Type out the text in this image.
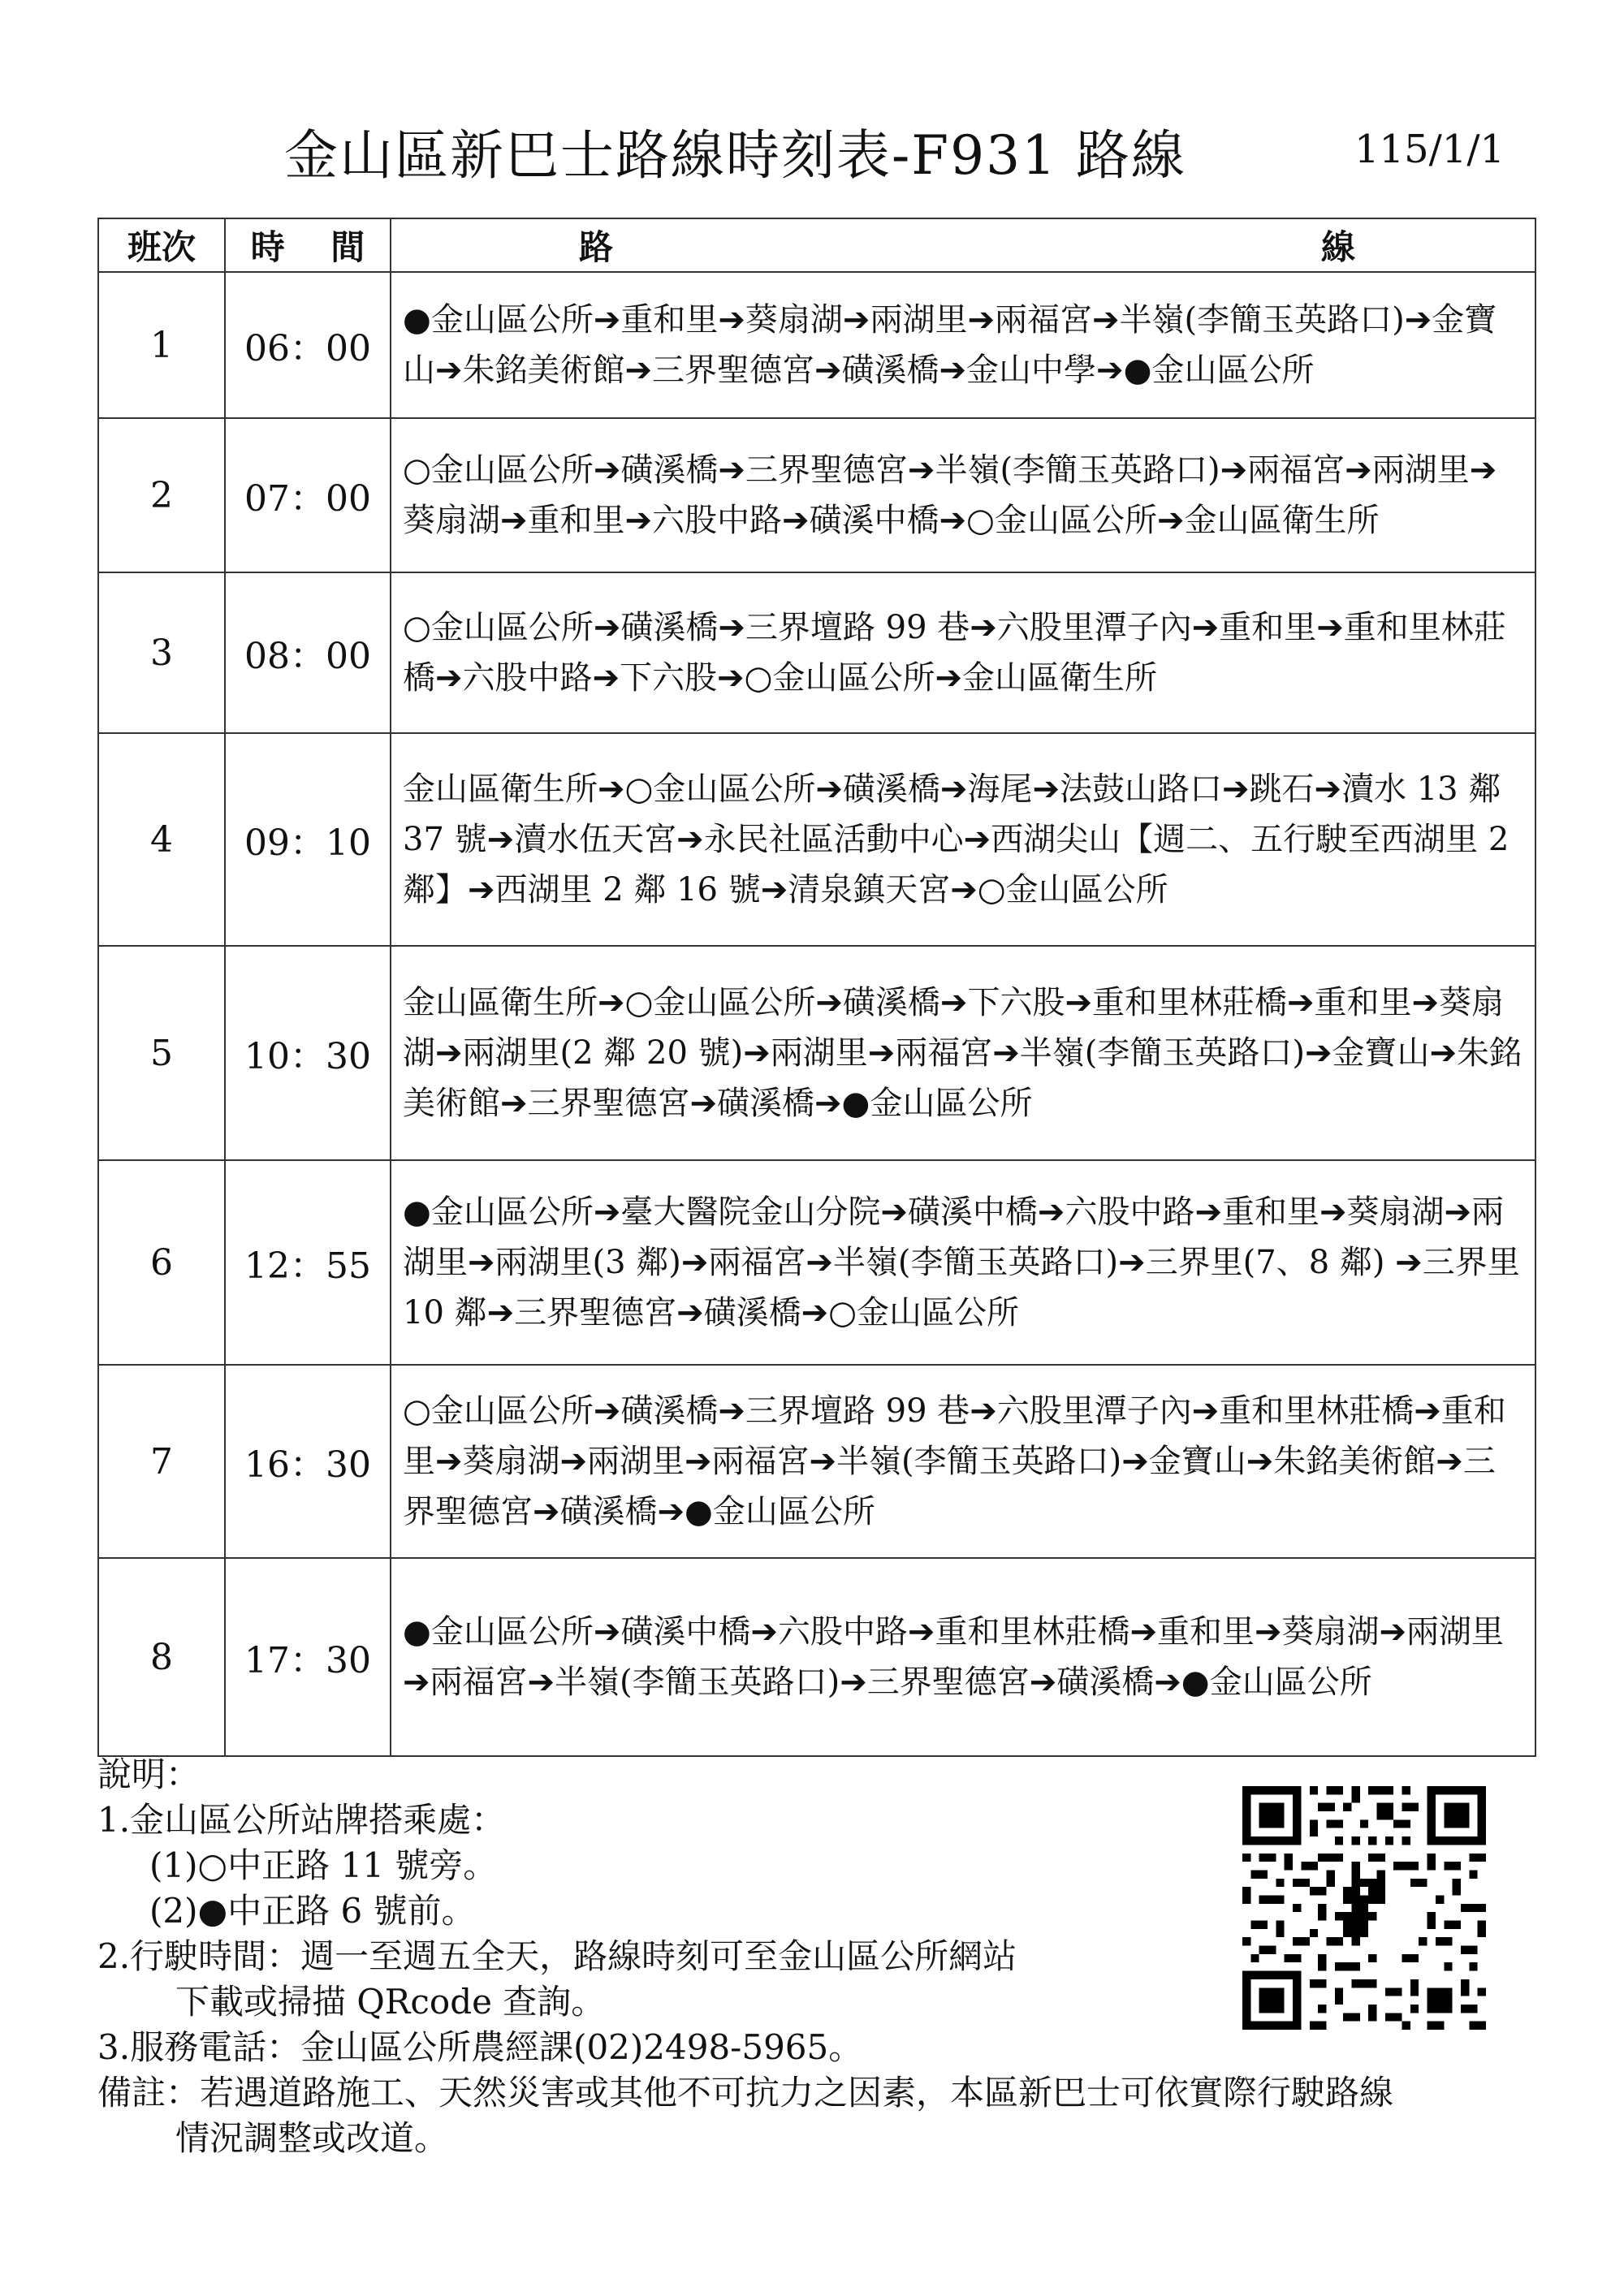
金山區新巴士路線時刻表-F931 路線	115/1/1
班次	時　 間	路 線

1	06：00	●金山區公所➔重和里➔葵扇湖➔兩湖里➔兩福宮➔半嶺(李簡玉英路口)➔金寶山➔朱銘美術館➔三界聖德宮➔磺溪橋➔金山中學➔●金山區公所
2	07：00	○金山區公所➔磺溪橋➔三界聖德宮➔半嶺(李簡玉英路口)➔兩福宮➔兩湖里➔葵扇湖➔重和里➔六股中路➔磺溪中橋➔○金山區公所➔金山區衛生所
3	08：00	○金山區公所➔磺溪橋➔三界壇路 99 巷➔六股里潭子內➔重和里➔重和里林莊橋➔六股中路➔下六股➔○金山區公所➔金山區衛生所
4	09：10	金山區衛生所➔○金山區公所➔磺溪橋➔海尾➔法鼓山路口➔跳石➔瀆水 13 鄰 37 號➔瀆水伍天宮➔永民社區活動中心➔西湖尖山【週二、五行駛至西湖里 2 鄰】➔西湖里 2 鄰 16 號➔清泉鎮天宮➔○金山區公所
5	10：30	金山區衛生所➔○金山區公所➔磺溪橋➔下六股➔重和里林莊橋➔重和里➔葵扇湖➔兩湖里(2 鄰 20 號)➔兩湖里➔兩福宮➔半嶺(李簡玉英路口)➔金寶山➔朱銘美術館➔三界聖德宮➔磺溪橋➔●金山區公所
6	12：55	●金山區公所➔臺大醫院金山分院➔磺溪中橋➔六股中路➔重和里➔葵扇湖➔兩湖里➔兩湖里(3 鄰)➔兩福宮➔半嶺(李簡玉英路口)➔三界里(7、8 鄰) ➔三界里 10 鄰➔三界聖德宮➔磺溪橋➔○金山區公所
7	16：30	○金山區公所➔磺溪橋➔三界壇路 99 巷➔六股里潭子內➔重和里林莊橋➔重和里➔葵扇湖➔兩湖里➔兩福宮➔半嶺(李簡玉英路口)➔金寶山➔朱銘美術館➔三界聖德宮➔磺溪橋➔●金山區公所
8	17：30	●金山區公所➔磺溪中橋➔六股中路➔重和里林莊橋➔重和里➔葵扇湖➔兩湖里➔兩福宮➔半嶺(李簡玉英路口)➔三界聖德宮➔磺溪橋➔●金山區公所
說明：
1.金山區公所站牌搭乘處：
(1)○中正路 11 號旁。
(2)●中正路 6 號前。
2.行駛時間：週一至週五全天，路線時刻可至金山區公所網站
下載或掃描 QRcode 查詢。
3.服務電話：金山區公所農經課(02)2498-5965。
備註：若遇道路施工、天然災害或其他不可抗力之因素，本區新巴士可依實際行駛路線
情況調整或改道。
